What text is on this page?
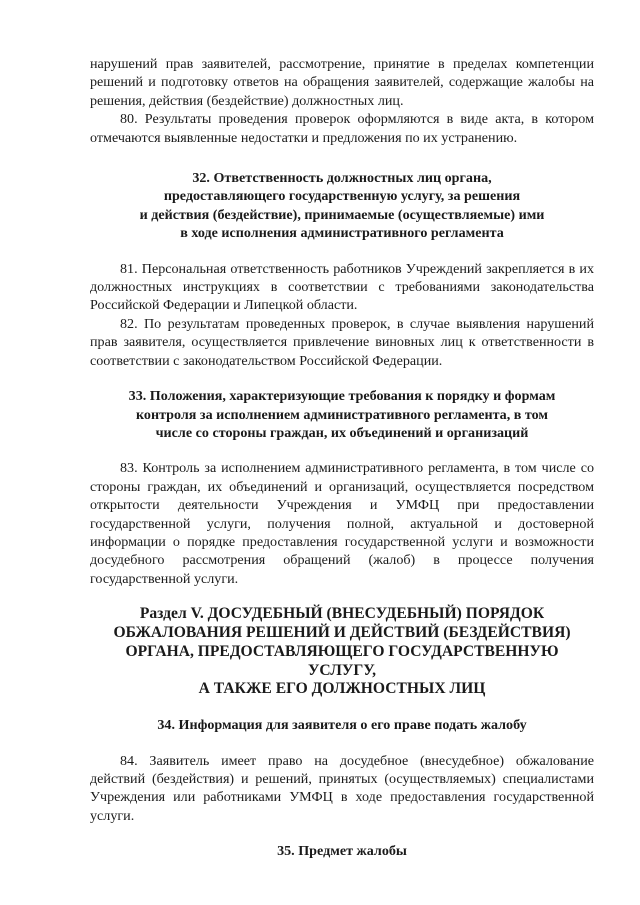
нарушений прав заявителей, рассмотрение, принятие в пределах компетенции решений и подготовку ответов на обращения заявителей, содержащие жалобы на решения, действия (бездействие) должностных лиц.

80. Результаты проведения проверок оформляются в виде акта, в котором отмечаются выявленные недостатки и предложения по их устранению.

32. Ответственность должностных лиц органа,

предоставляющего государственную услугу, за решения

и действия (бездействие), принимаемые (осуществляемые) ими

в ходе исполнения административного регламента

81. Персональная ответственность работников Учреждений закрепляется в их должностных инструкциях в соответствии с требованиями законодательства Российской Федерации и Липецкой области.

82. По результатам проведенных проверок, в случае выявления нарушений прав заявителя, осуществляется привлечение виновных лиц к ответственности в соответствии с законодательством Российской Федерации.

33. Положения, характеризующие требования к порядку и формам

контроля за исполнением административного регламента, в том

числе со стороны граждан, их объединений и организаций

83. Контроль за исполнением административного регламента, в том числе со стороны граждан, их объединений и организаций, осуществляется посредством открытости деятельности Учреждения и УМФЦ при предоставлении государственной услуги, получения полной, актуальной и достоверной информации о порядке предоставления государственной услуги и возможности досудебного рассмотрения обращений (жалоб) в процессе получения государственной услуги.

Раздел V. ДОСУДЕБНЫЙ (ВНЕСУДЕБНЫЙ) ПОРЯДОК

ОБЖАЛОВАНИЯ РЕШЕНИЙ И ДЕЙСТВИЙ (БЕЗДЕЙСТВИЯ)

ОРГАНА, ПРЕДОСТАВЛЯЮЩЕГО ГОСУДАРСТВЕННУЮ УСЛУГУ,

А ТАКЖЕ ЕГО ДОЛЖНОСТНЫХ ЛИЦ

34. Информация для заявителя о его праве подать жалобу

84. Заявитель имеет право на досудебное (внесудебное) обжалование действий (бездействия) и решений, принятых (осуществляемых) специалистами Учреждения или работниками УМФЦ в ходе предоставления государственной услуги.

35. Предмет жалобы
